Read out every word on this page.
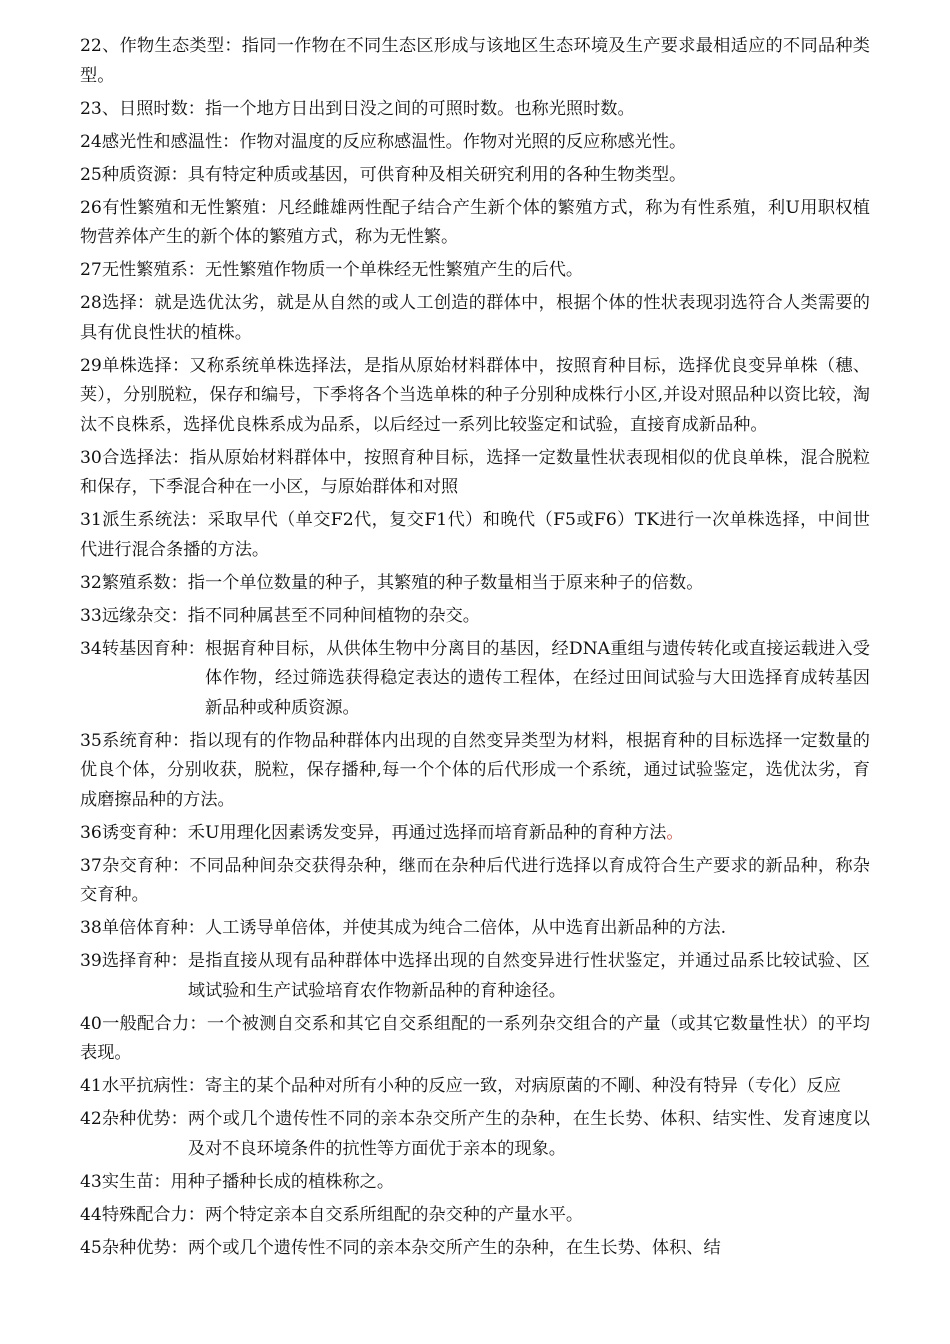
22、作物生态类型：指同一作物在不同生态区形成与该地区生态环境及生产要求最相适应的不同品种类型。

23、日照时数：指一个地方日出到日没之间的可照时数。也称光照时数。

24感光性和感温性：作物对温度的反应称感温性。作物对光照的反应称感光性。

25种质资源：具有特定种质或基因，可供育种及相关研究利用的各种生物类型。

26有性繁殖和无性繁殖：凡经雌雄两性配子结合产生新个体的繁殖方式，称为有性系殖，利U用职权植物营养体产生的新个体的繁殖方式，称为无性繁。

27无性繁殖系：无性繁殖作物质一个单株经无性繁殖产生的后代。

28选择：就是选优汰劣，就是从自然的或人工创造的群体中，根据个体的性状表现羽选符合人类需要的具有优良性状的植株。

29单株选择：又称系统单株选择法，是指从原始材料群体中，按照育种目标，选择优良变异单株（穗、荚），分别脱粒，保存和编号，下季将各个当选单株的种子分别种成株行小区,并设对照品种以资比较，淘汰不良株系，选择优良株系成为品系，以后经过一系列比较鉴定和试验，直接育成新品种。

30合选择法：指从原始材料群体中，按照育种目标，选择一定数量性状表现相似的优良单株，混合脱粒和保存，下季混合种在一小区，与原始群体和对照

31派生系统法：采取早代（单交F2代，复交F1代）和晚代（F5或F6）TK进行一次单株选择，中间世代进行混合条播的方法。

32繁殖系数：指一个单位数量的种子，其繁殖的种子数量相当于原来种子的倍数。

33远缘杂交：指不同种属甚至不同种间植物的杂交。

34转基因育种： 根据育种目标，从供体生物中分离目的基因，经DNA重组与遗传转化或直接运载进入受体作物，经过筛选获得稳定表达的遗传工程体，在经过田间试验与大田选择育成转基因新品种或种质资源。

35系统育种：指以现有的作物品种群体内出现的自然变异类型为材料，根据育种的目标选择一定数量的优良个体，分别收获，脱粒，保存播种,每一个个体的后代形成一个系统，通过试验鉴定，选优汰劣，育成磨擦品种的方法。

36诱变育种：禾U用理化因素诱发变异，再通过选择而培育新品种的育种方法。

37杂交育种：不同品种间杂交获得杂种，继而在杂种后代进行选择以育成符合生产要求的新品种，称杂交育种。

38单倍体育种：人工诱导单倍体，并使其成为纯合二倍体，从中选育出新品种的方法.

39选择育种： 是指直接从现有品种群体中选择出现的自然变异进行性状鉴定，并通过品系比较试验、区域试验和生产试验培育农作物新品种的育种途径。

40一般配合力：一个被测自交系和其它自交系组配的一系列杂交组合的产量（或其它数量性状）的平均表现。

41水平抗病性：寄主的某个品种对所有小种的反应一致，对病原菌的不剛、种没有特异（专化）反应

42杂种优势： 两个或几个遗传性不同的亲本杂交所产生的杂种，在生长势、体积、结实性、发育速度以及对不良环境条件的抗性等方面优于亲本的现象。

43实生苗：用种子播种长成的植株称之。

44特殊配合力：两个特定亲本自交系所组配的杂交种的产量水平。

45杂种优势： 两个或几个遗传性不同的亲本杂交所产生的杂种，在生长势、体积、结
